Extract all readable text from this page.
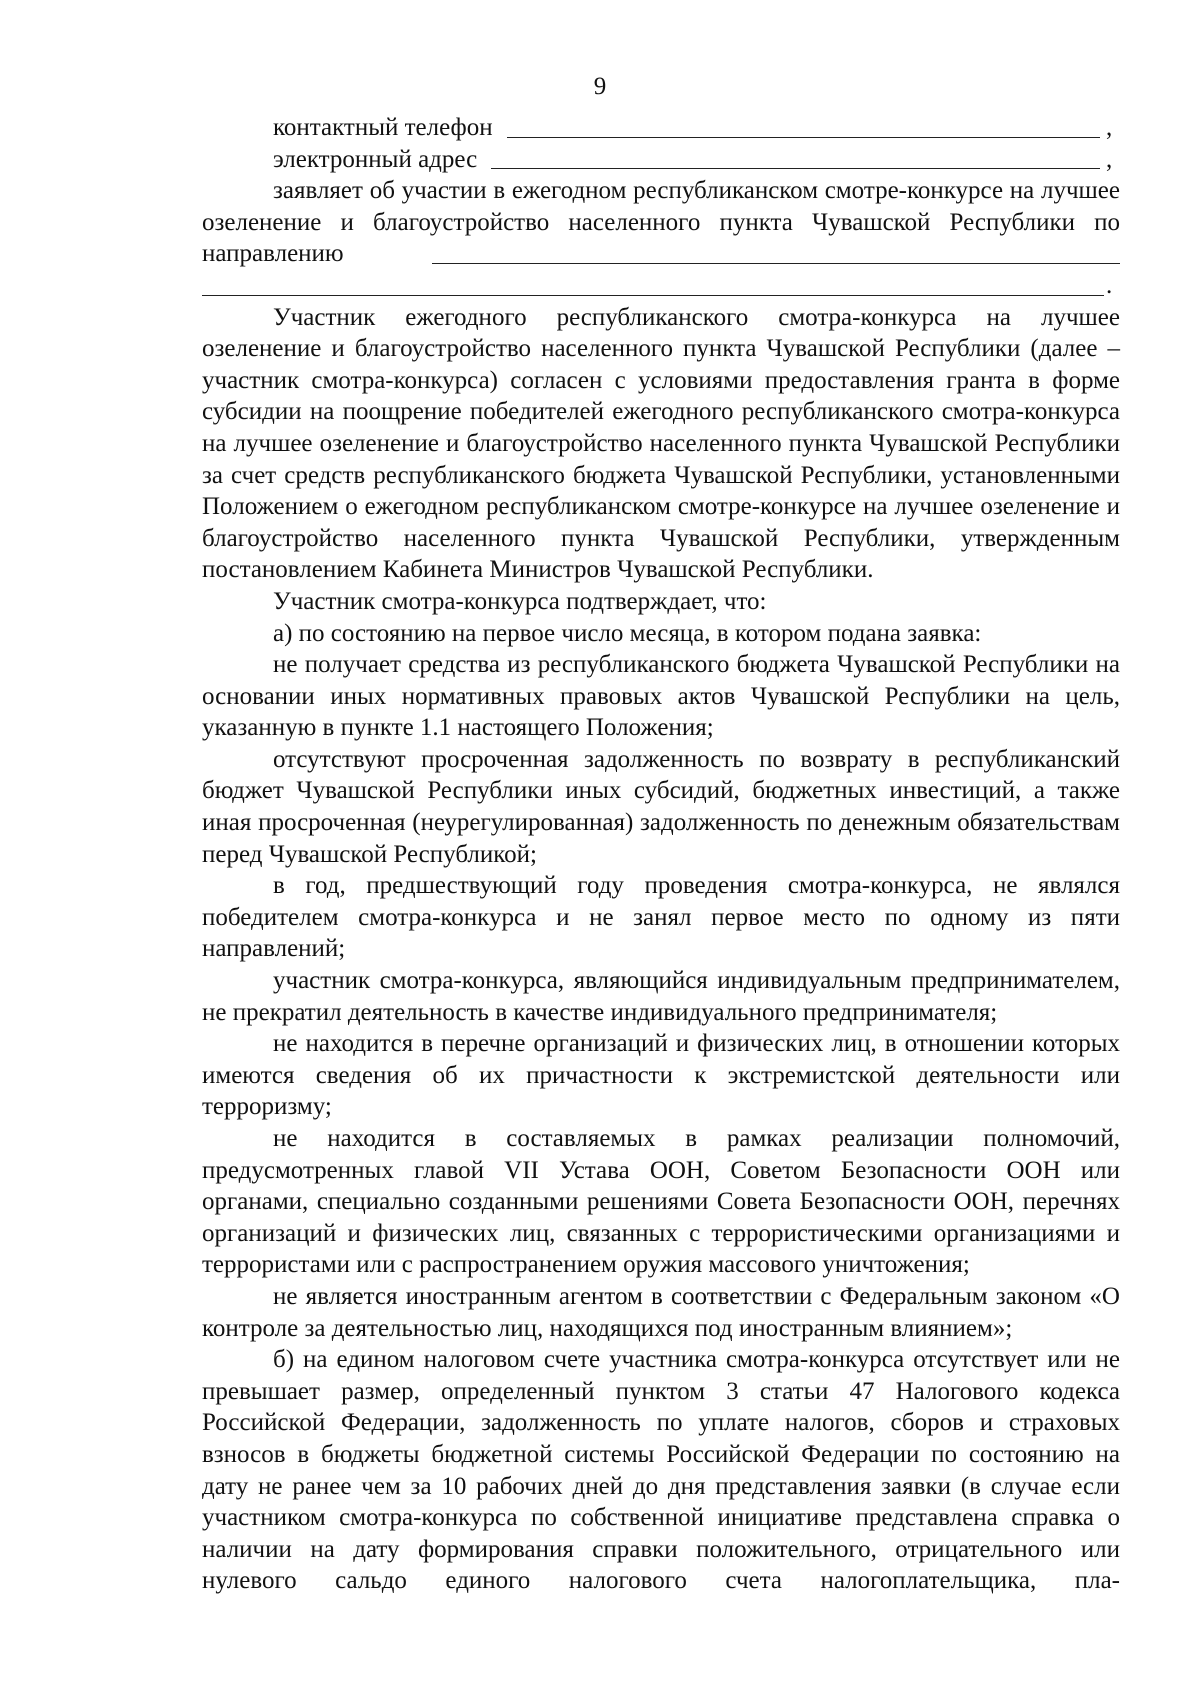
9
контактный телефон	,
электронный адрес	,

заявляет об участии в ежегодном республиканском смотре-конкурсе на лучшее озеленение и благоустройство населенного пункта Чувашской Республики по направлению

.

Участник ежегодного республиканского смотра-конкурса на лучшее озеленение и благоустройство населенного пункта Чувашской Республики (далее – участник смотра-конкурса) согласен с условиями предоставления гранта в форме субсидии на поощрение победителей ежегодного республиканского смотра-конкурса на лучшее озеленение и благоустройство населенного пункта Чувашской Республики за счет средств республиканского бюджета Чувашской Республики, установленными Положением о ежегодном республиканском смотре-конкурсе на лучшее озеленение и благоустройство населенного пункта Чувашской Республики, утвержденным постановлением Кабинета Министров Чувашской Республики.

Участник смотра-конкурса подтверждает, что:

а) по состоянию на первое число месяца, в котором подана заявка:

не получает средства из республиканского бюджета Чувашской Республики на основании иных нормативных правовых актов Чувашской Республики на цель, указанную в пункте 1.1 настоящего Положения;

отсутствуют просроченная задолженность по возврату в республиканский бюджет Чувашской Республики иных субсидий, бюджетных инвестиций, а также иная просроченная (неурегулированная) задолженность по денежным обязательствам перед Чувашской Республикой;

в год, предшествующий году проведения смотра-конкурса, не являлся победителем смотра-конкурса и не занял первое место по одному из пяти направлений;

участник смотра-конкурса, являющийся индивидуальным предпринимателем, не прекратил деятельность в качестве индивидуального предпринимателя;

не находится в перечне организаций и физических лиц, в отношении которых имеются сведения об их причастности к экстремистской деятельности или терроризму;

не находится в составляемых в рамках реализации полномочий, предусмотренных главой VII Устава ООН, Советом Безопасности ООН или органами, специально созданными решениями Совета Безопасности ООН, перечнях организаций и физических лиц, связанных с террористическими организациями и террористами или с распространением оружия массового уничтожения;

не является иностранным агентом в соответствии с Федеральным законом «О контроле за деятельностью лиц, находящихся под иностранным влиянием»;

б) на едином налоговом счете участника смотра-конкурса отсутствует или не превышает размер, определенный пунктом 3 статьи 47 Налогового кодекса Российской Федерации, задолженность по уплате налогов, сборов и страховых взносов в бюджеты бюджетной системы Российской Федерации по состоянию на дату не ранее чем за 10 рабочих дней до дня представления заявки (в случае если участником смотра-конкурса по собственной инициативе представлена справка о наличии на дату формирования справки положительного, отрицательного или нулевого сальдо единого налогового счета налогоплательщика, пла-
